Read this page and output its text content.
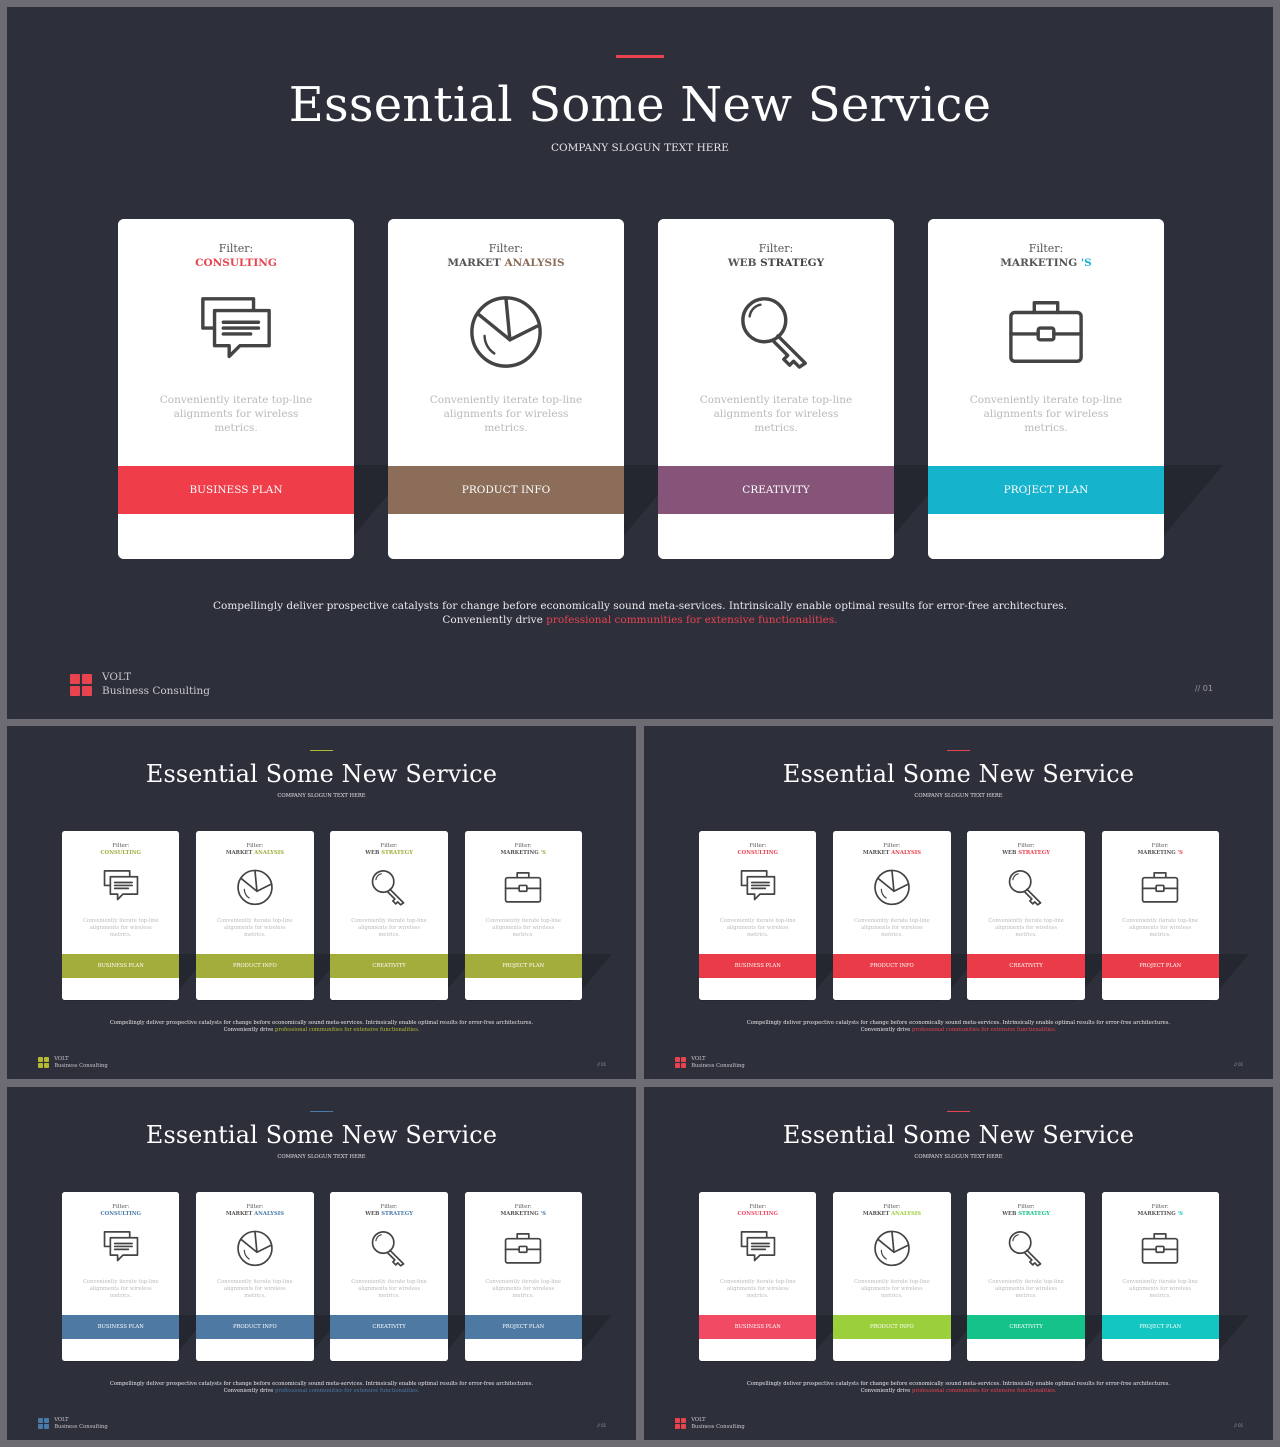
Essential Some New Service
COMPANY SLOGUN TEXT HERE
Filter:
CONSULTING
Conveniently iterate top-line alignments for wireless metrics.
BUSINESS PLAN
Filter:
MARKET ANALYSIS
Conveniently iterate top-line alignments for wireless metrics.
PRODUCT INFO
Filter:
WEB STRATEGY
Conveniently iterate top-line alignments for wireless metrics.
CREATIVITY
Filter:
MARKETING 'S
Conveniently iterate top-line alignments for wireless metrics.
PROJECT PLAN
Compellingly deliver prospective catalysts for change before economically sound meta-services. Intrinsically enable optimal results for error-free architectures.
Conveniently drive professional communities for extensive functionalities.
VOLT
Business Consulting	// 01
Essential Some New Service
COMPANY SLOGUN TEXT HERE
Filter:
CONSULTING
Conveniently iterate top-line alignments for wireless metrics.
BUSINESS PLAN
Filter:
MARKET ANALYSIS
Conveniently iterate top-line alignments for wireless metrics.
PRODUCT INFO
Filter:
WEB STRATEGY
Conveniently iterate top-line alignments for wireless metrics.
CREATIVITY
Filter:
MARKETING 'S
Conveniently iterate top-line alignments for wireless metrics.
PROJECT PLAN
Compellingly deliver prospective catalysts for change before economically sound meta-services. Intrinsically enable optimal results for error-free architectures.
Conveniently drive professional communities for extensive functionalities.
VOLT
Business Consulting	// 01
Essential Some New Service
COMPANY SLOGUN TEXT HERE
Filter:
CONSULTING
Conveniently iterate top-line alignments for wireless metrics.
BUSINESS PLAN
Filter:
MARKET ANALYSIS
Conveniently iterate top-line alignments for wireless metrics.
PRODUCT INFO
Filter:
WEB STRATEGY
Conveniently iterate top-line alignments for wireless metrics.
CREATIVITY
Filter:
MARKETING 'S
Conveniently iterate top-line alignments for wireless metrics.
PROJECT PLAN
Compellingly deliver prospective catalysts for change before economically sound meta-services. Intrinsically enable optimal results for error-free architectures.
Conveniently drive professional communities for extensive functionalities.
VOLT
Business Consulting	// 01
Essential Some New Service
COMPANY SLOGUN TEXT HERE
Filter:
CONSULTING
Conveniently iterate top-line alignments for wireless metrics.
BUSINESS PLAN
Filter:
MARKET ANALYSIS
Conveniently iterate top-line alignments for wireless metrics.
PRODUCT INFO
Filter:
WEB STRATEGY
Conveniently iterate top-line alignments for wireless metrics.
CREATIVITY
Filter:
MARKETING 'S
Conveniently iterate top-line alignments for wireless metrics.
PROJECT PLAN
Compellingly deliver prospective catalysts for change before economically sound meta-services. Intrinsically enable optimal results for error-free architectures.
Conveniently drive professional communities for extensive functionalities.
VOLT
Business Consulting	// 01
Essential Some New Service
COMPANY SLOGUN TEXT HERE
Filter:
CONSULTING
Conveniently iterate top-line alignments for wireless metrics.
BUSINESS PLAN
Filter:
MARKET ANALYSIS
Conveniently iterate top-line alignments for wireless metrics.
PRODUCT INFO
Filter:
WEB STRATEGY
Conveniently iterate top-line alignments for wireless metrics.
CREATIVITY
Filter:
MARKETING 'S
Conveniently iterate top-line alignments for wireless metrics.
PROJECT PLAN
Compellingly deliver prospective catalysts for change before economically sound meta-services. Intrinsically enable optimal results for error-free architectures.
Conveniently drive professional communities for extensive functionalities.
VOLT
Business Consulting	// 01
